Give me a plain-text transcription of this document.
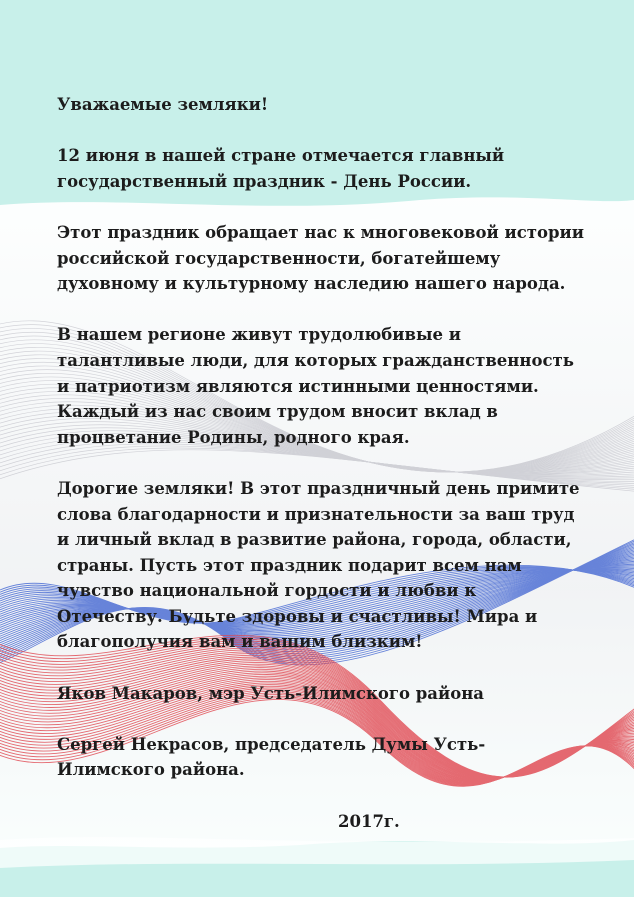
Уважаемые земляки!

12 июня в нашей стране отмечается главный государственный праздник - День России.

Этот праздник обращает нас к многовековой истории российской государственности, богатейшему духовному и культурному наследию нашего народа.

В нашем регионе живут трудолюбивые и талантливые люди, для которых гражданственность и патриотизм являются истинными ценностями. Каждый из нас своим трудом вносит вклад в процветание Родины, родного края.

Дорогие земляки! В этот праздничный день примите слова благодарности и признательности за ваш труд и личный вклад в развитие района, города, области, страны. Пусть этот праздник подарит всем нам чувство национальной гордости и любви к Отечеству. Будьте здоровы и счастливы! Мира и благополучия вам и вашим близким!

Яков Макаров, мэр Усть-Илимского района

Сергей Некрасов, председатель Думы Усть-Илимского района.

2017г.
